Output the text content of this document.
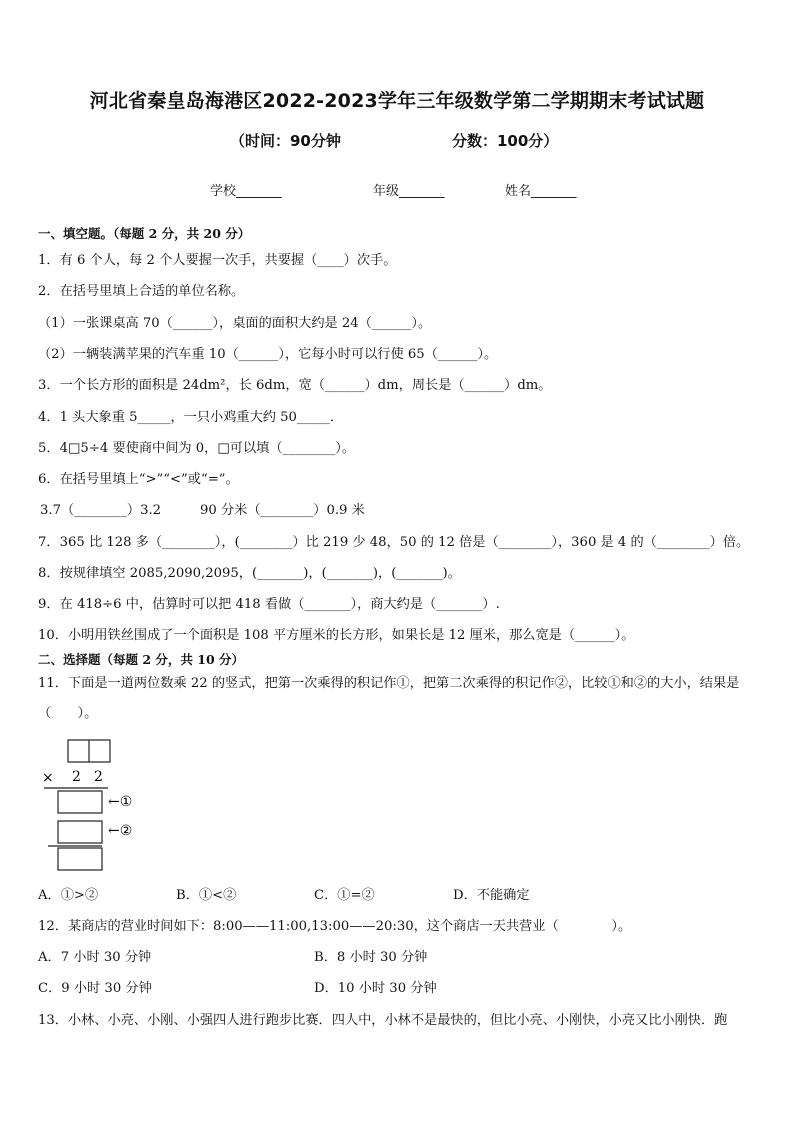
河北省秦皇岛海港区2022-2023学年三年级数学第二学期期末考试试题
（时间：90分钟	分数：100分）
学校_______	年级_______	姓名_______
一、填空题。（每题 2 分，共 20 分）
1．有 6 个人，每 2 个人要握一次手，共要握（____）次手。
2．在括号里填上合适的单位名称。
（1）一张课桌高 70（______），桌面的面积大约是 24（______）。
（2）一辆装满苹果的汽车重 10（______），它每小时可以行使 65（______）。
3．一个长方形的面积是 24dm²，长 6dm，宽（______）dm，周长是（______）dm。
4．1 头大象重 5_____，一只小鸡重大约 50_____．
5．4□5÷4 要使商中间为 0，□可以填（________）。
6．在括号里填上“>”“<”或“=”。
3.7（________）3.2	90 分米（________）0.9 米
7．365 比 128 多（________），(________）比 219 少 48，50 的 12 倍是（________），360 是 4 的（________）倍。
8．按规律填空 2085,2090,2095，(_______)，(_______)，(_______)。
9．在 418÷6 中，估算时可以把 418 看做（_______），商大约是（_______）.
10．小明用铁丝围成了一个面积是 108 平方厘米的长方形，如果长是 12 厘米，那么宽是（______）。
二、选择题（每题 2 分，共 10 分）
11．下面是一道两位数乘 22 的竖式，把第一次乘得的积记作①，把第二次乘得的积记作②，比较①和②的大小，结果是（　　）。
× 2 2
←①
←②
A．①>②	B．①<②	C．①=②	D．不能确定
12．某商店的营业时间如下：8:00——11:00,13:00——20:30，这个商店一天共营业（　　　　）。
A．7 小时 30 分钟	B．8 小时 30 分钟
C．9 小时 30 分钟	D．10 小时 30 分钟
13．小林、小亮、小刚、小强四人进行跑步比赛．四人中，小林不是最快的，但比小亮、小刚快，小亮又比小刚快．跑
